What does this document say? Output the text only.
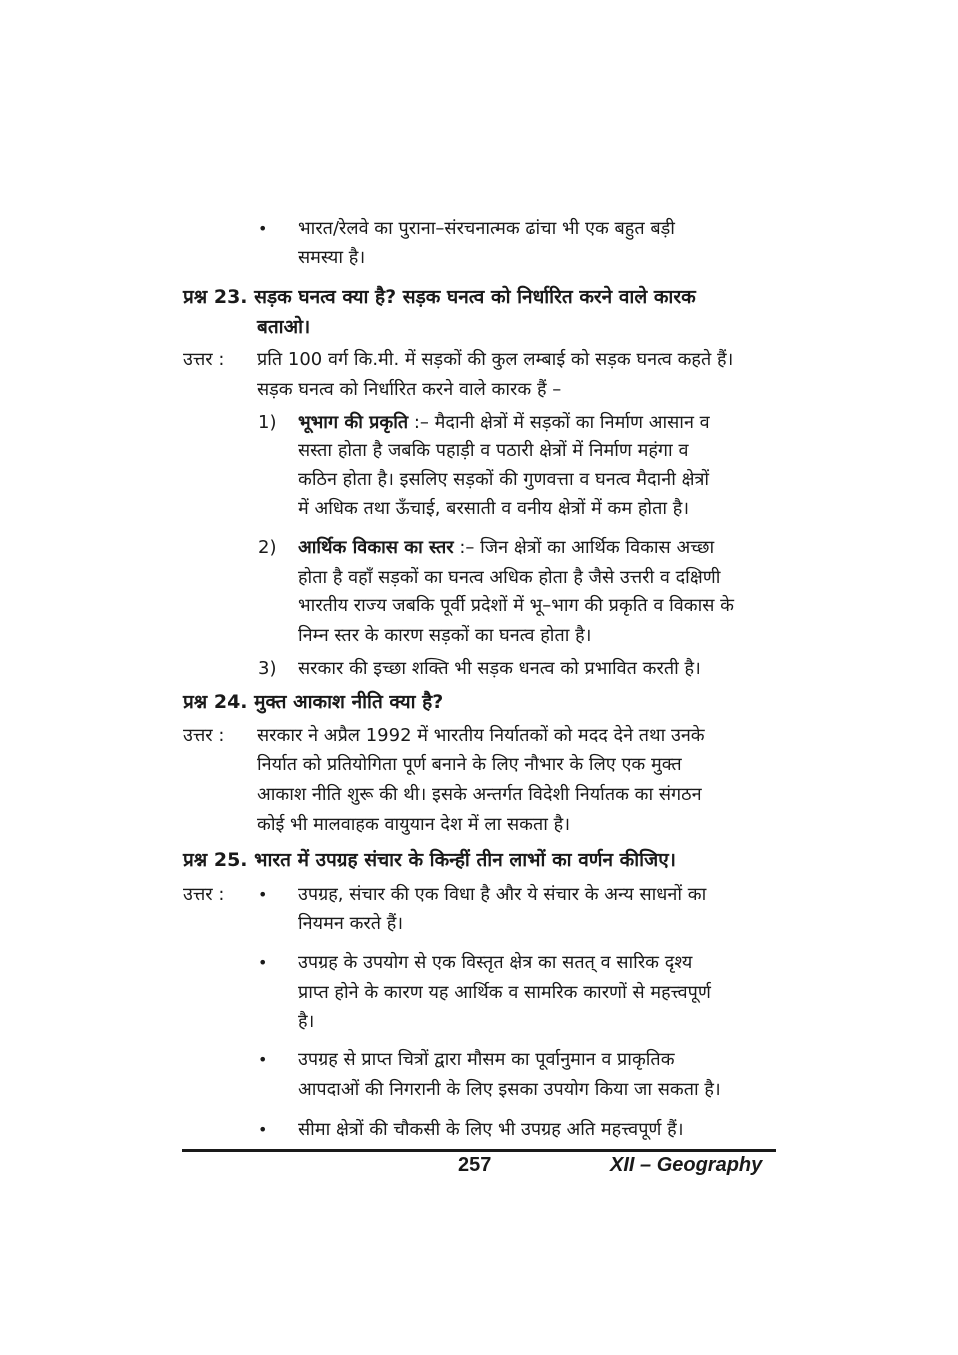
• भारत/रेलवे का पुराना–संरचनात्मक ढांचा भी एक बहुत बड़ी
समस्या है।
प्रश्न 23. सड़क घनत्व क्या है? सड़क घनत्व को निर्धारित करने वाले कारक
बताओ।
उत्तर : प्रति 100 वर्ग कि.मी. में सड़कों की कुल लम्बाई को सड़क घनत्व कहते हैं।
सड़क घनत्व को निर्धारित करने वाले कारक हैं –
1) भूभाग की प्रकृति :– मैदानी क्षेत्रों में सड़कों का निर्माण आसान व
सस्ता होता है जबकि पहाड़ी व पठारी क्षेत्रों में निर्माण महंगा व
कठिन होता है। इसलिए सड़कों की गुणवत्ता व घनत्व मैदानी क्षेत्रों
में अधिक तथा ऊँचाई, बरसाती व वनीय क्षेत्रों में कम होता है।
2) आर्थिक विकास का स्तर :– जिन क्षेत्रों का आर्थिक विकास अच्छा
होता है वहाँ सड़कों का घनत्व अधिक होता है जैसे उत्तरी व दक्षिणी
भारतीय राज्य जबकि पूर्वी प्रदेशों में भू–भाग की प्रकृति व विकास के
निम्न स्तर के कारण सड़कों का घनत्व होता है।
3) सरकार की इच्छा शक्ति भी सड़क धनत्व को प्रभावित करती है।
प्रश्न 24. मुक्त आकाश नीति क्या है?
उत्तर : सरकार ने अप्रैल 1992 में भारतीय निर्यातकों को मदद देने तथा उनके
निर्यात को प्रतियोगिता पूर्ण बनाने के लिए नौभार के लिए एक मुक्त
आकाश नीति शुरू की थी। इसके अन्तर्गत विदेशी निर्यातक का संगठन
कोई भी मालवाहक वायुयान देश में ला सकता है।
प्रश्न 25. भारत में उपग्रह संचार के किन्हीं तीन लाभों का वर्णन कीजिए।
उत्तर : • उपग्रह, संचार की एक विधा है और ये संचार के अन्य साधनों का
नियमन करते हैं।
• उपग्रह के उपयोग से एक विस्तृत क्षेत्र का सतत् व सारिक दृश्य
प्राप्त होने के कारण यह आर्थिक व सामरिक कारणों से महत्त्वपूर्ण
है।
• उपग्रह से प्राप्त चित्रों द्वारा मौसम का पूर्वानुमान व प्राकृतिक
आपदाओं की निगरानी के लिए इसका उपयोग किया जा सकता है।
• सीमा क्षेत्रों की चौकसी के लिए भी उपग्रह अति महत्त्वपूर्ण हैं।
257	XII – Geography
